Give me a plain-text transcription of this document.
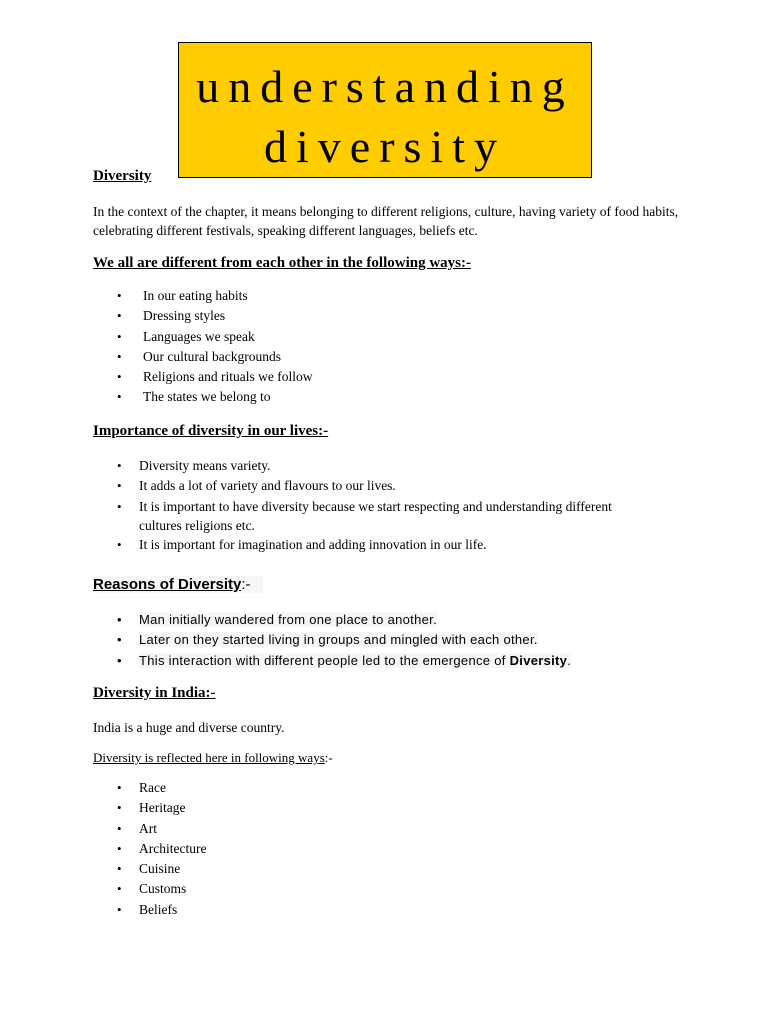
understanding
diversity
Diversity

In the context of the chapter, it means belonging to different religions, culture, having variety of food habits, celebrating different festivals, speaking different languages, beliefs etc.

We all are different from each other in the following ways:-
• In our eating habits
• Dressing styles
• Languages we speak
• Our cultural backgrounds
• Religions and rituals we follow
• The states we belong to
Importance of diversity in our lives:-
• Diversity means variety.
• It adds a lot of variety and flavours to our lives.
• It is important to have diversity because we start respecting and understanding different cultures religions etc.
• It is important for imagination and adding innovation in our life.
Reasons of Diversity:-
• Man initially wandered from one place to another.
• Later on they started living in groups and mingled with each other.
• This interaction with different people led to the emergence of Diversity.
Diversity in India:-

India is a huge and diverse country.

Diversity is reflected here in following ways:-

• Race
• Heritage
• Art
• Architecture
• Cuisine
• Customs
• Beliefs
